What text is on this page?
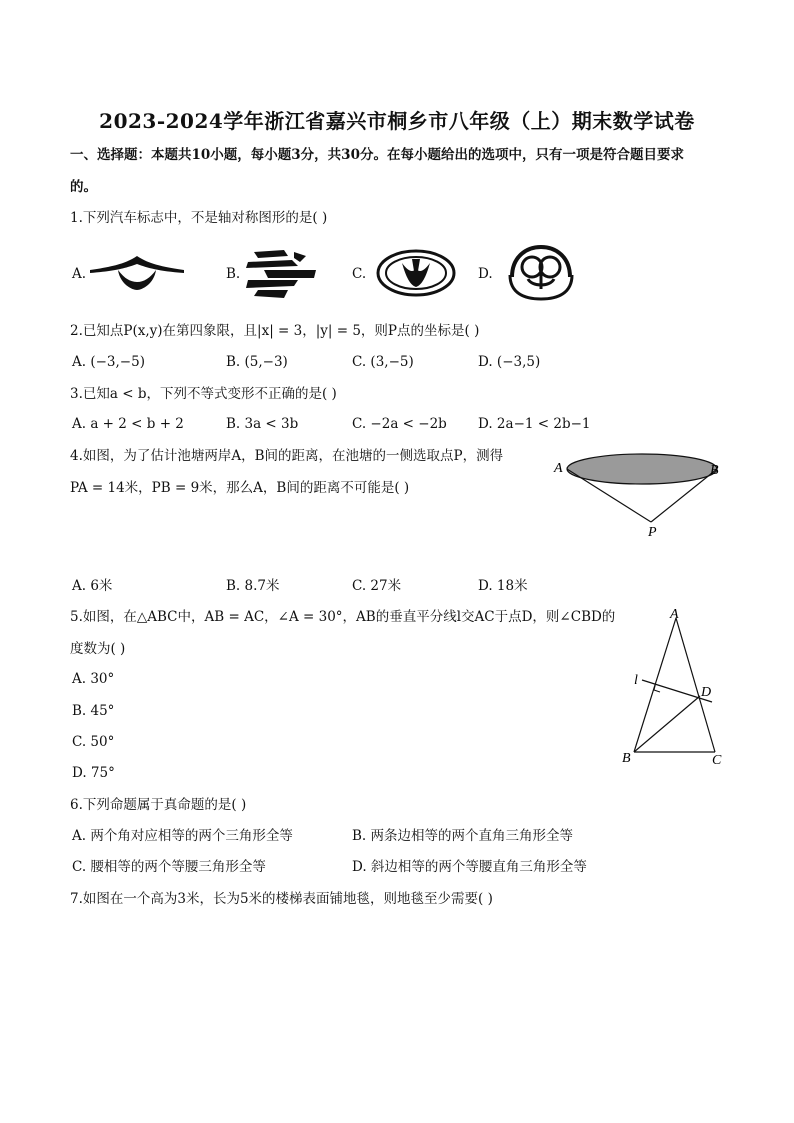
2023-2024学年浙江省嘉兴市桐乡市八年级（上）期末数学试卷
一、选择题：本题共10小题，每小题3分，共30分。在每小题给出的选项中，只有一项是符合题目要求
的。
1.下列汽车标志中，不是轴对称图形的是( )
A.	B.	C.	D.
2.已知点P(x,y)在第四象限，且|x| = 3，|y| = 5，则P点的坐标是( )
A. (−3,−5)	B. (5,−3)	C. (3,−5)	D. (−3,5)
3.已知a < b，下列不等式变形不正确的是( )
A. a + 2 < b + 2	B. 3a < 3b	C. −2a < −2b D. 2a−1 < 2b−1
4.如图，为了估计池塘两岸A，B间的距离，在池塘的一侧选取点P，测得
PA = 14米，PB = 9米，那么A，B间的距离不可能是( )
A	B
P
A. 6米	B. 8.7米	C. 27米	D. 18米
5.如图，在△ABC中，AB = AC，∠A = 30°，AB的垂直平分线l交AC于点D，则∠CBD的
度数为( )
A. 30°
B. 45°
C. 50°
D. 75°
A
l
D
B	C
6.下列命题属于真命题的是( )
A. 两个角对应相等的两个三角形全等	B. 两条边相等的两个直角三角形全等
C. 腰相等的两个等腰三角形全等	D. 斜边相等的两个等腰直角三角形全等
7.如图在一个高为3米，长为5米的楼梯表面铺地毯，则地毯至少需要( )
